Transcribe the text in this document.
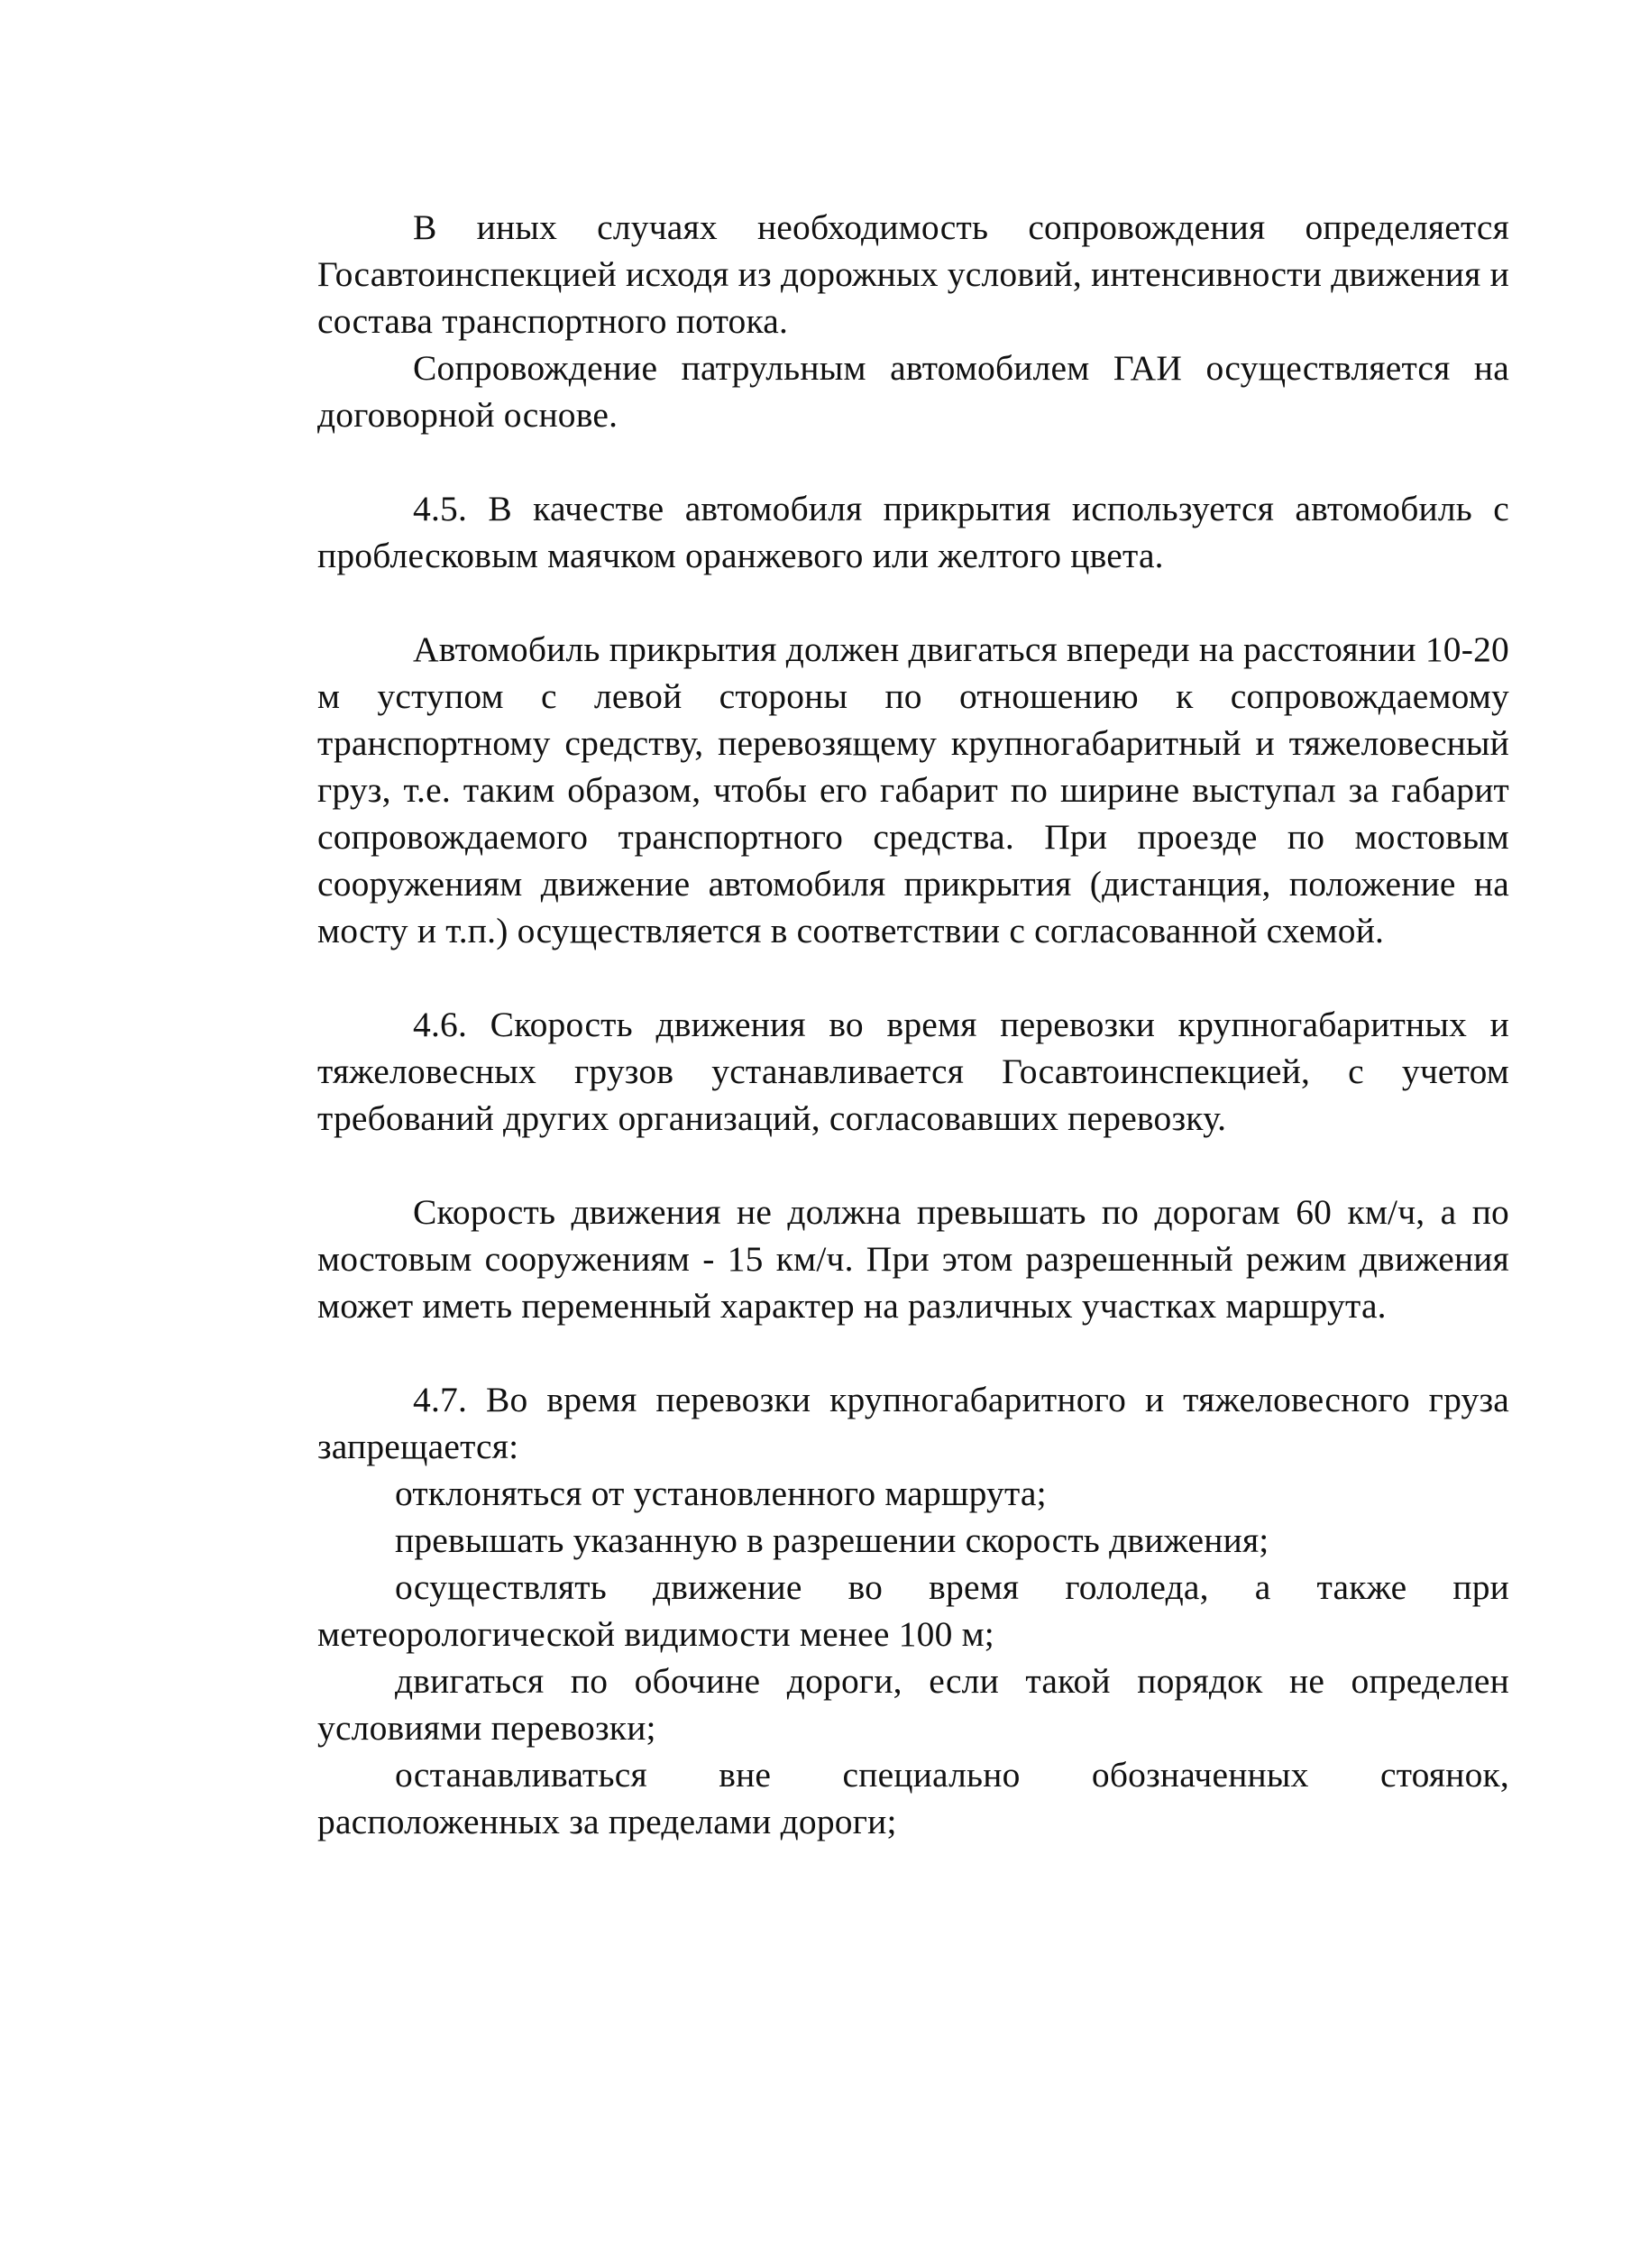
В иных случаях необходимость сопровождения определяется Госавтоинспекцией исходя из дорожных условий, интенсивности движения и состава транспортного потока.

Сопровождение патрульным автомобилем ГАИ осуществляется на договорной основе.

4.5. В качестве автомобиля прикрытия используется автомобиль с проблесковым маячком оранжевого или желтого цвета.

Автомобиль прикрытия должен двигаться впереди на расстоянии 10-20 м уступом с левой стороны по отношению к сопровождаемому транспортному средству, перевозящему крупногабаритный и тяжеловесный груз, т.е. таким образом, чтобы его габарит по ширине выступал за габарит сопровождаемого транспортного средства. При проезде по мостовым сооружениям движение автомобиля прикрытия (дистанция, положение на мосту и т.п.) осуществляется в соответствии с согласованной схемой.

4.6. Скорость движения во время перевозки крупногабаритных и тяжеловесных грузов устанавливается Госавтоинспекцией, с учетом требований других организаций, согласовавших перевозку.

Скорость движения не должна превышать по дорогам 60 км/ч, а по мостовым сооружениям - 15 км/ч. При этом разрешенный режим движения может иметь переменный характер на различных участках маршрута.

4.7. Во время перевозки крупногабаритного и тяжеловесного груза запрещается:

отклоняться от установленного маршрута;

превышать указанную в разрешении скорость движения;

осуществлять движение во время гололеда, а также при метеорологической видимости менее 100 м;

двигаться по обочине дороги, если такой порядок не определен условиями перевозки;

останавливаться вне специально обозначенных стоянок, расположенных за пределами дороги;
